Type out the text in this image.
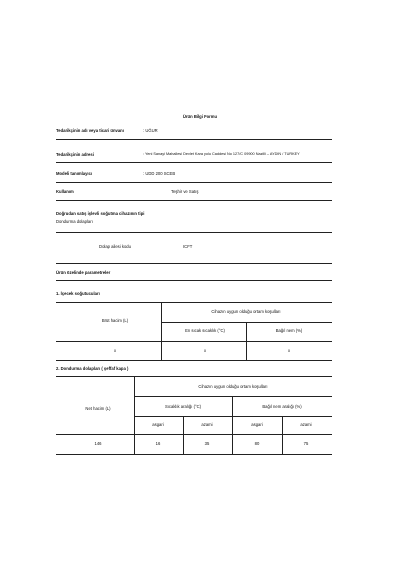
Ürün Bilgi Formu
Tedarikçinin adı veya ticari ünvanı	: UĞUR
Tedarikçinin adresi	: Yeni Sanayi Mahallesi Devlet Kara yolu Caddesi No 127/C 09900 Nazilli – AYDIN / TURKEY
Modeli tanımlayıcı	: UDD 200 SCEB
Kullanım	Teşhir ve Satış
Doğrudan satış işlevli soğutma cihazının tipi
Dondurma dolapları
Dolap ailesi kodu	ICFT
Ürün özelinde parametreler
1. İçecek soğutucuları
Brüt hacim (L)
Cihazın uygun olduğu ortam koşulları
En sıcak sıcaklık (°C)	Bağıl nem (%)
x	x	x
2. Dondurma dolapları ( şeffaf kapa )
Net hacim (L)
Cihazın uygun olduğu ortam koşulları
Sıcaklık aralığı (°C)	Bağıl nem aralığı (%)
asgari	azami	asgari	azami
146	16	35	80	75
